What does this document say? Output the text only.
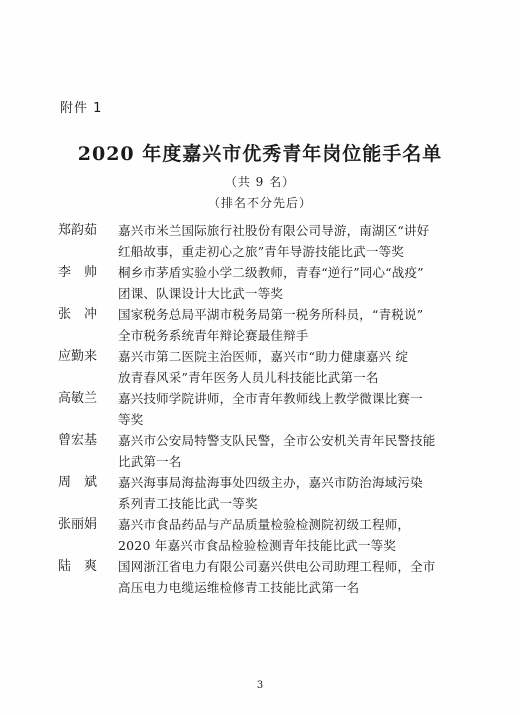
附件 1
2020 年度嘉兴市优秀青年岗位能手名单
（共 9 名）
（排名不分先后）
郑韵茹	嘉兴市米兰国际旅行社股份有限公司导游，南湖区“讲好
红船故事，重走初心之旅”青年导游技能比武一等奖
李　帅	桐乡市茅盾实验小学二级教师，青春“逆行”同心“战疫”
团课、队课设计大比武一等奖
张　冲	国家税务总局平湖市税务局第一税务所科员，“青税说”
全市税务系统青年辩论赛最佳辩手
应勤来	嘉兴市第二医院主治医师，嘉兴市“助力健康嘉兴 绽
放青春风采”青年医务人员儿科技能比武第一名
高敏兰	嘉兴技师学院讲师，全市青年教师线上教学微课比赛一
等奖
曾宏基	嘉兴市公安局特警支队民警，全市公安机关青年民警技能
比武第一名
周　斌	嘉兴海事局海盐海事处四级主办，嘉兴市防治海域污染
系列青工技能比武一等奖
张丽娟	嘉兴市食品药品与产品质量检验检测院初级工程师，
2020 年嘉兴市食品检验检测青年技能比武一等奖
陆　爽	国网浙江省电力有限公司嘉兴供电公司助理工程师，全市
高压电力电缆运维检修青工技能比武第一名
3
